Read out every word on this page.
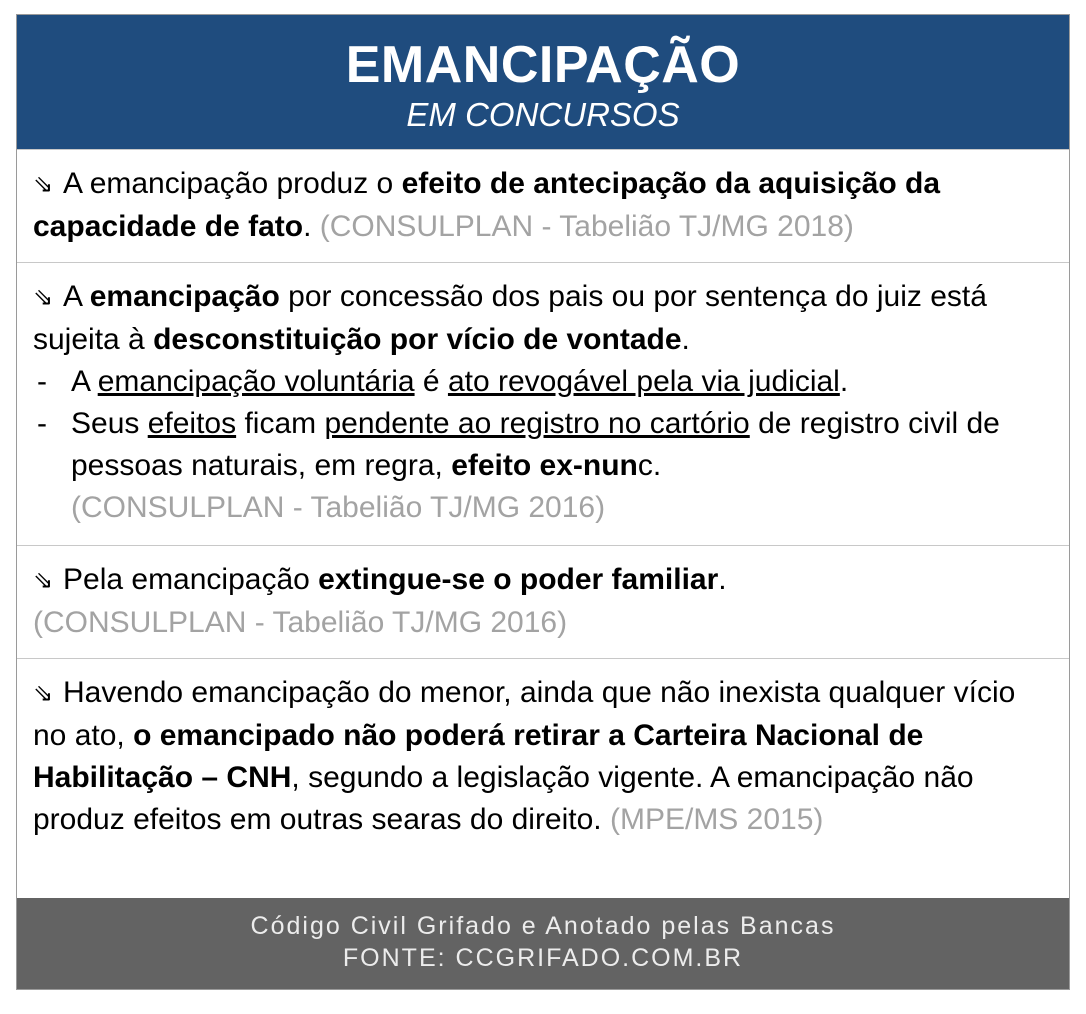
EMANCIPAÇÃO
EM CONCURSOS
⇘ A emancipação produz o efeito de antecipação da aquisição da capacidade de fato. (CONSULPLAN - Tabelião TJ/MG 2018)
⇘ A emancipação por concessão dos pais ou por sentença do juiz está sujeita à desconstituição por vício de vontade.
- A emancipação voluntária é ato revogável pela via judicial.
- Seus efeitos ficam pendente ao registro no cartório de registro civil de pessoas naturais, em regra, efeito ex-nunc.
(CONSULPLAN - Tabelião TJ/MG 2016)
⇘ Pela emancipação extingue-se o poder familiar.
(CONSULPLAN - Tabelião TJ/MG 2016)
⇘ Havendo emancipação do menor, ainda que não inexista qualquer vício no ato, o emancipado não poderá retirar a Carteira Nacional de Habilitação – CNH, segundo a legislação vigente. A emancipação não produz efeitos em outras searas do direito. (MPE/MS 2015)
Código Civil Grifado e Anotado pelas Bancas
FONTE: CCGRIFADO.COM.BR
